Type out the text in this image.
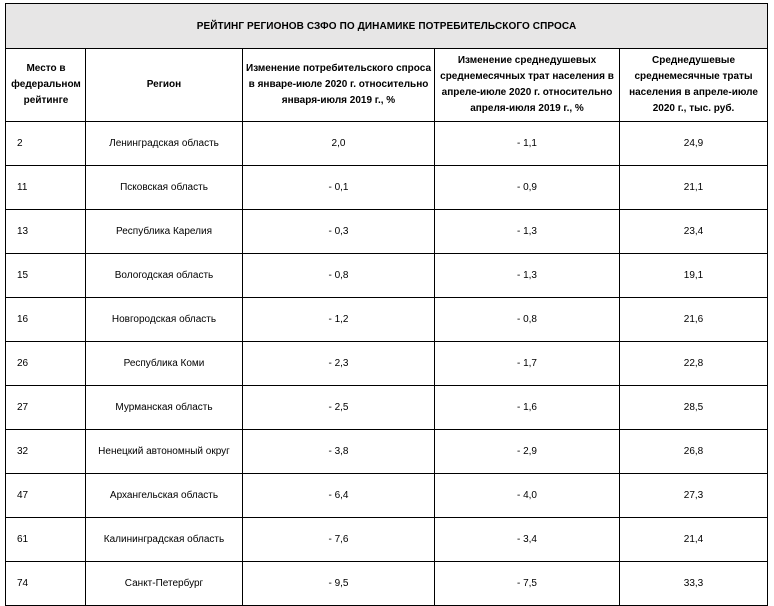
РЕЙТИНГ РЕГИОНОВ СЗФО ПО ДИНАМИКЕ ПОТРЕБИТЕЛЬСКОГО СПРОСА				
Место в федеральном рейтинге	Регион	Изменение потребительского спроса в январе-июле 2020 г. относительно января-июля 2019 г., %	Изменение среднедушевых среднемесячных трат населения в апреле-июле 2020 г. относительно апреля-июля 2019 г., %	Среднедушевые среднемесячные траты населения в апреле-июле 2020 г., тыс. руб.
2	Ленинградская область	2,0	- 1,1	24,9
11	Псковская область	- 0,1	- 0,9	21,1
13	Республика Карелия	- 0,3	- 1,3	23,4
15	Вологодская область	- 0,8	- 1,3	19,1
16	Новгородская область	- 1,2	- 0,8	21,6
26	Республика Коми	- 2,3	- 1,7	22,8
27	Мурманская область	- 2,5	- 1,6	28,5
32	Ненецкий автономный округ	- 3,8	- 2,9	26,8
47	Архангельская область	- 6,4	- 4,0	27,3
61	Калининградская область	- 7,6	- 3,4	21,4
74	Санкт-Петербург	- 9,5	- 7,5	33,3
